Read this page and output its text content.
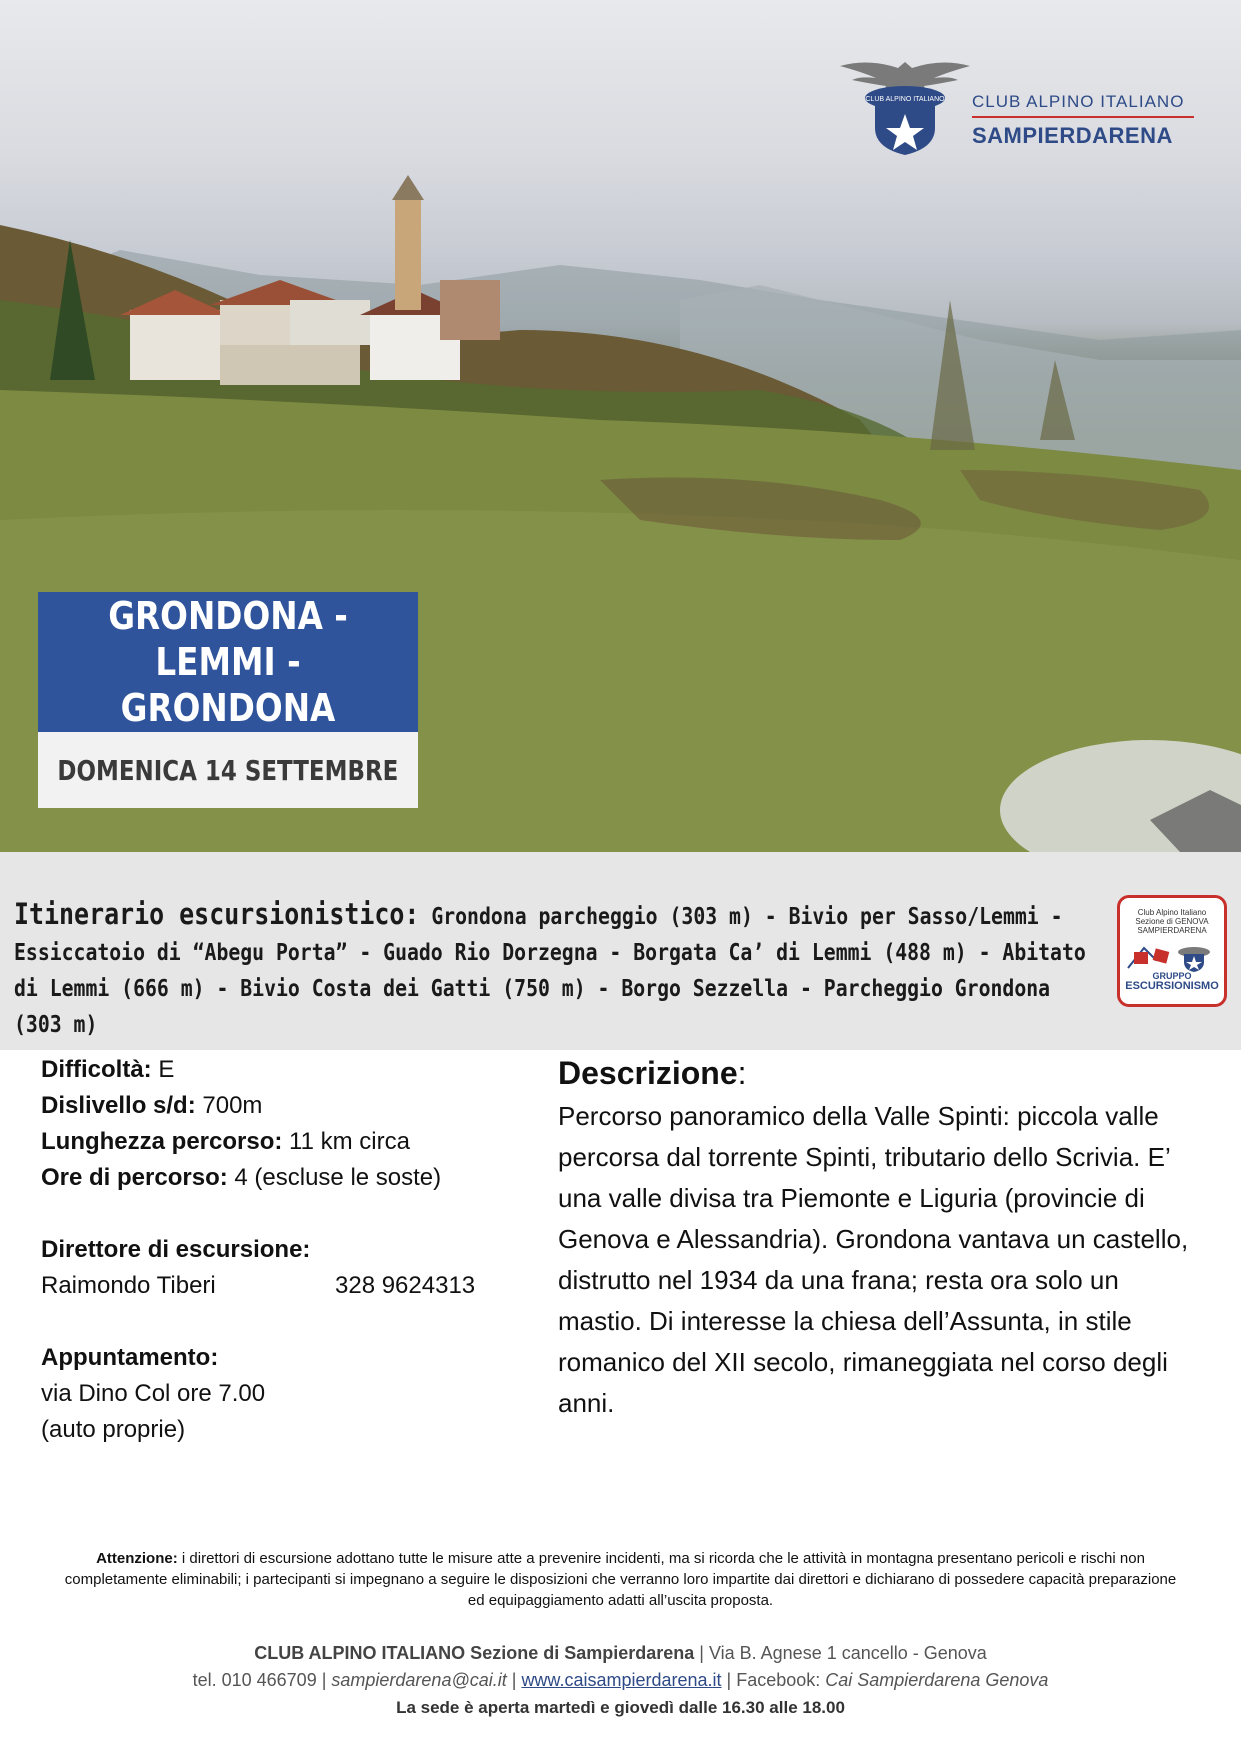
CLUB ALPINO ITALIANO CLUB ALPINO ITALIANO
SAMPIERDARENA
GRONDONA - LEMMI - GRONDONA
DOMENICA 14 SETTEMBRE
Itinerario escursionistico: Grondona parcheggio (303 m) - Bivio per Sasso/Lemmi - Essiccatoio di “Abegu Porta” - Guado Rio Dorzegna - Borgata Ca’ di Lemmi (488 m) - Abitato di Lemmi (666 m) - Bivio Costa dei Gatti (750 m) - Borgo Sezzella - Parcheggio Grondona (303 m)
Club Alpino Italiano
Sezione di GENOVA
SAMPIERDARENA
GRUPPO
ESCURSIONISMO
Difficoltà: E
Dislivello s/d: 700m
Lunghezza percorso: 11 km circa
Ore di percorso: 4 (escluse le soste)
Direttore di escursione:
Raimondo Tiberi	328 9624313
Appuntamento:
via Dino Col ore 7.00
(auto proprie)
Descrizione:
Percorso panoramico della Valle Spinti: piccola valle percorsa dal torrente Spinti, tributario dello Scrivia. E’ una valle divisa tra Piemonte e Liguria (provincie di Genova e Alessandria). Grondona vantava un castello, distrutto nel 1934 da una frana; resta ora solo un mastio. Di interesse la chiesa dell’Assunta, in stile romanico del XII secolo, rimaneggiata nel corso degli anni.
Attenzione: i direttori di escursione adottano tutte le misure atte a prevenire incidenti, ma si ricorda che le attività in montagna presentano pericoli e rischi non completamente eliminabili; i partecipanti si impegnano a seguire le disposizioni che verranno loro impartite dai direttori e dichiarano di possedere capacità preparazione ed equipaggiamento adatti all’uscita proposta.
CLUB ALPINO ITALIANO Sezione di Sampierdarena | Via B. Agnese 1 cancello - Genova
tel. 010 466709 | sampierdarena@cai.it | www.caisampierdarena.it | Facebook: Cai Sampierdarena Genova
La sede è aperta martedì e giovedì dalle 16.30 alle 18.00
